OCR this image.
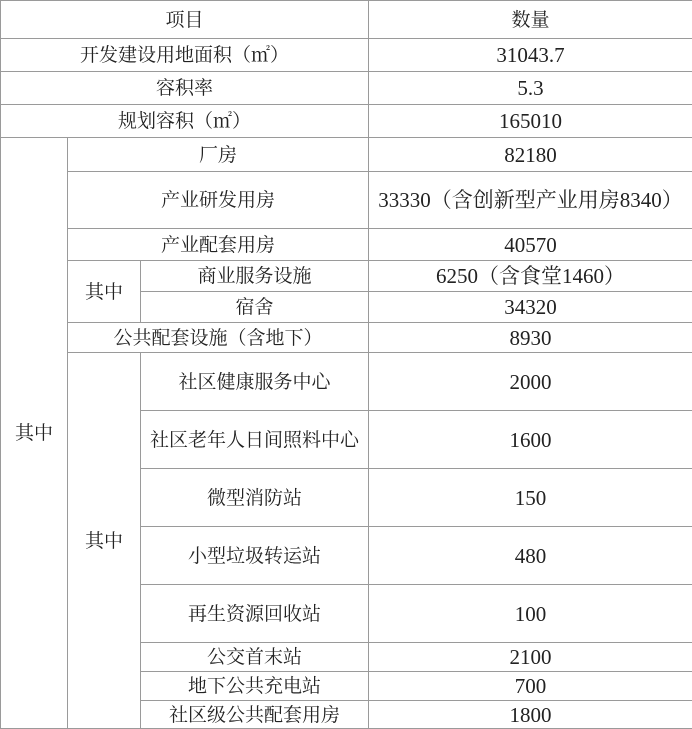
项目			数量
开发建设用地面积（㎡）			31043.7
容积率			5.3
规划容积（㎡）			165010
其中	厂房		82180
	产业研发用房		33330（含创新型产业用房8340）
	产业配套用房		40570
	其中	商业服务设施	6250（含食堂1460）
		宿舍	34320
	公共配套设施（含地下）		8930
	其中	社区健康服务中心	2000
		社区老年人日间照料中心	1600
		微型消防站	150
		小型垃圾转运站	480
		再生资源回收站	100
		公交首末站	2100
		地下公共充电站	700
		社区级公共配套用房	1800
